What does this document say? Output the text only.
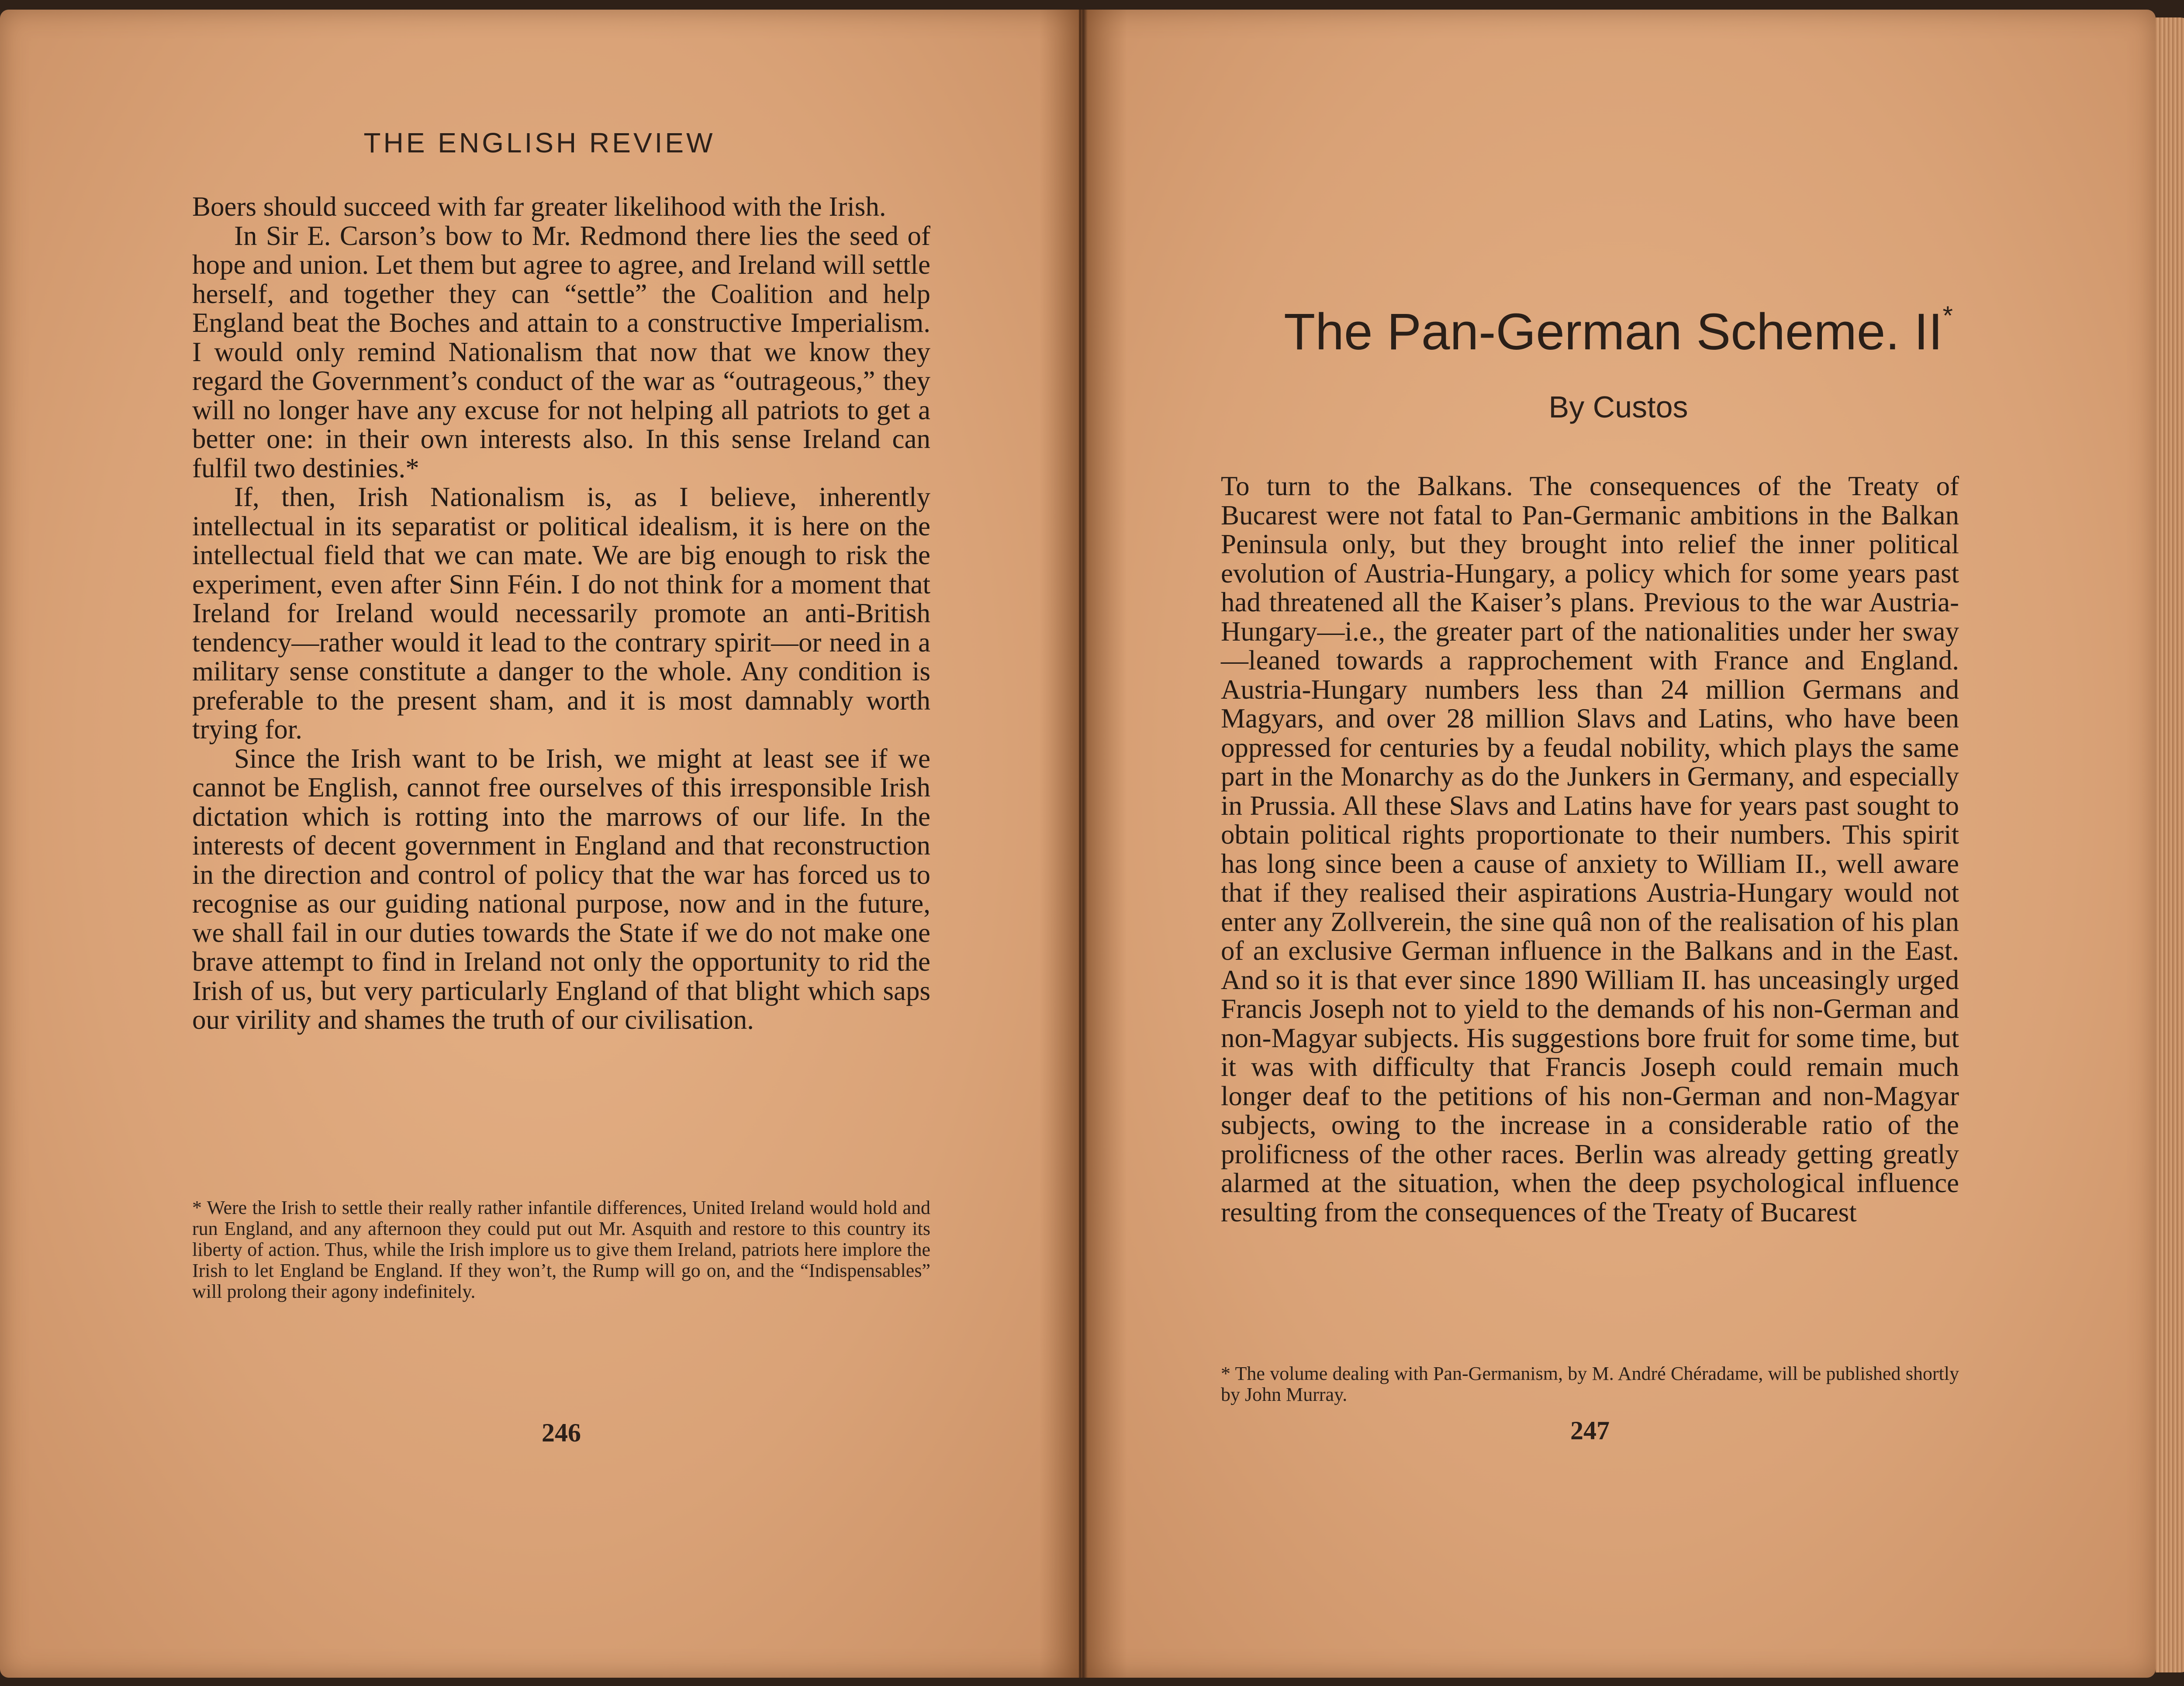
THE ENGLISH REVIEW

Boers should succeed with far greater likelihood with the Irish.

In Sir E. Carson’s bow to Mr. Redmond there lies the seed of hope and union. Let them but agree to agree, and Ireland will settle herself, and together they can “settle” the Coalition and help England beat the Boches and attain to a constructive Imperialism. I would only remind Nationalism that now that we know they regard the Government’s conduct of the war as “outrageous,” they will no longer have any excuse for not helping all patriots to get a better one: in their own interests also. In this sense Ireland can fulfil two destinies.*

If, then, Irish Nationalism is, as I believe, inherently intellectual in its separatist or political idealism, it is here on the intellectual field that we can mate. We are big enough to risk the experiment, even after Sinn Féin. I do not think for a moment that Ireland for Ireland would necessarily promote an anti-British tendency—rather would it lead to the contrary spirit—or need in a military sense constitute a danger to the whole. Any condition is preferable to the present sham, and it is most damnably worth trying for.

Since the Irish want to be Irish, we might at least see if we cannot be English, cannot free ourselves of this irresponsible Irish dictation which is rotting into the marrows of our life. In the interests of decent government in England and that reconstruction in the direction and control of policy that the war has forced us to recognise as our guiding national purpose, now and in the future, we shall fail in our duties towards the State if we do not make one brave attempt to find in Ireland not only the opportunity to rid the Irish of us, but very particularly England of that blight which saps our virility and shames the truth of our civilisation.

* Were the Irish to settle their really rather infantile differences, United Ireland would hold and run England, and any afternoon they could put out Mr. Asquith and restore to this country its liberty of action. Thus, while the Irish implore us to give them Ireland, patriots here implore the Irish to let England be England. If they won’t, the Rump will go on, and the “Indispensables” will prolong their agony indefinitely.
246
The Pan-German Scheme. II*
By Custos

To turn to the Balkans. The consequences of the Treaty of Bucarest were not fatal to Pan-Germanic ambitions in the Balkan Peninsula only, but they brought into relief the inner political evolution of Austria-Hungary, a policy which for some years past had threatened all the Kaiser’s plans. Previous to the war Austria-Hungary—i.e., the greater part of the nationalities under her sway—leaned towards a rapprochement with France and England. Austria-Hungary numbers less than 24 million Germans and Magyars, and over 28 million Slavs and Latins, who have been oppressed for centuries by a feudal nobility, which plays the same part in the Monarchy as do the Junkers in Germany, and especially in Prussia. All these Slavs and Latins have for years past sought to obtain political rights proportionate to their numbers. This spirit has long since been a cause of anxiety to William II., well aware that if they realised their aspirations Austria-Hungary would not enter any Zollverein, the sine quâ non of the realisation of his plan of an exclusive German influence in the Balkans and in the East. And so it is that ever since 1890 William II. has unceasingly urged Francis Joseph not to yield to the demands of his non-German and non-Magyar subjects. His suggestions bore fruit for some time, but it was with difficulty that Francis Joseph could remain much longer deaf to the petitions of his non-German and non-Magyar subjects, owing to the increase in a considerable ratio of the prolificness of the other races. Berlin was already getting greatly alarmed at the situation, when the deep psychological influence resulting from the consequences of the Treaty of Bucarest

* The volume dealing with Pan-Germanism, by M. André Chéradame, will be published shortly by John Murray.
247
